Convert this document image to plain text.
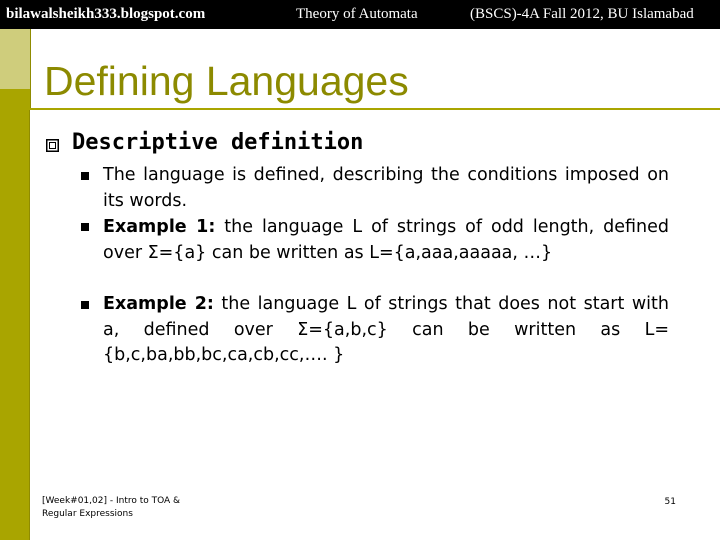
bilawalsheikh333.blogspot.com	Theory of Automata	(BSCS)-4A Fall 2012, BU Islamabad
Defining Languages
Descriptive definition
The language is defined, describing the conditions imposed on its words.
Example 1: the language L of strings of odd length, defined over Σ={a} can be written as L={a,aaa,aaaaa, …}
Example 2: the language L of strings that does not start with a, defined over Σ={a,b,c} can be written as L={b,c,ba,bb,bc,ca,cb,cc,…. }
[Week#01,02] - Intro to TOA & Regular Expressions
51
